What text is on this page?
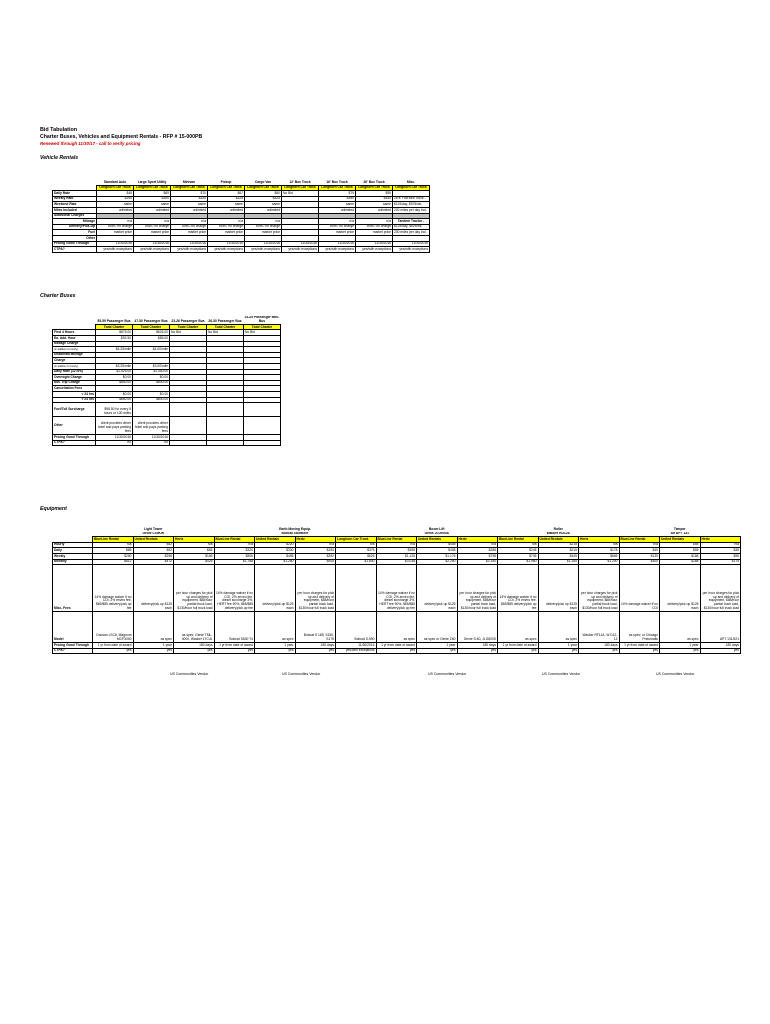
Bid Tabulation
Charter Buses, Vehicles and Equipment Rentals - RFP # 15-000PB
Renewed through 11/30/17 - call to verify pricing
Vehicle Rentals
	Standard Auto	Large Sport Utility	Minivan	Pickup	Cargo Van	12' Box Truck	16' Box Truck	26' Box Truck	Misc.
	Longhorn Car Truck	Longhorn Car Truck	Longhorn Car Truck	Longhorn Car Truck	Longhorn Car Truck	Longhorn Car Truck	Longhorn Car Truck	Longhorn Car Truck	Longhorn Car Truck
Daily Rate	$45	$69	$70	$67	$60	No Bid	$79	$95	
Weekly Rate	$250	$300	$320	$325	$325		$350	$450	28 ft. Flat Bed Truck -
Weekend Rate	same	same	same	same	same		same	same	$115/day, $575/wk,
Miles Included	unlimited	unlimited	unlimited	unlimited	unlimited		unlimited	unlimited	200 miles per day incl.
Additional Charges									
Mileage	n/a	n/a	n/a	n/a	n/a		n/a	n/a	Tandem Tractor -
Delivery/Pick-Up	both / no charge	both / no charge	both / no charge	both / no charge	both / no charge		both / no charge	both / no charge	$125/day, $625/wk,
Fuel	market price	market price	market price	market price	market price		market price	market price	200 miles per day incl.
Other									
Pricing Good Through	11/30/2016	11/30/2016	11/30/2016	11/30/2016	11/30/2016	11/30/2016	11/30/2016	11/30/2016	11/30/2016
CTPA?	yes/with exceptions	yes/with exceptions	yes/with exceptions	yes/with exceptions	yes/with exceptions	yes/with exceptions	yes/with exceptions	yes/with exceptions	yes/with exceptions
Charter Buses
	55-59 Passenger Bus	47-50 Passenger Bus	23-26 Passenger Bus	26-30 Passenger Bus	23-25 Passenger Mini-Bus
	Todd Charter	Todd Charter	Todd Charter	Todd Charter	Todd Charter
First 4 Hours	$675.00	$625.00	No Bid	No Bid	No Bid
Ea. Add. Hour	$92.50	$85.00			
Mileage Charge					
(in addition to hourly)	$4.25/mile	$4.00/mile			
Deadhead Mileage					
Charge					
(in addition to hourly)	$3.25/mile	$3.00/mile			
Daily Rate (12 hrs)	$1,425.00	$1,350.00			
Overnight Charge	$0.00	$0.00			
Min. Trip Charge	$850.00	$800.00			
Cancellation Fees					
< 24 hrs	$0.00	$0.00			
> 24 hrs	$850.00	$800.00			
Fuel/Toll Surcharge	$98.50 for every 5 hours or 100 miles				
Other	client provides driver hotel and pays parking fees	client provides driver hotel and pays parking fees			
Pricing Good Through	11/30/2016	11/30/2016			
CTPA?	no	no			
Equipment
	Light Tower			Earth Moving Equip.				Boom Lift			Roller			Tamper		
	Genie LS5KW			Bobcat Skidsteer				Genie JLG600A			Wacker RD12A			Air APT 131		
	BlueLine Rental	United Rentals	Hertz	BlueLine Rental	United Rentals	Hertz	Longhorn Car Truck	BlueLine Rental	United Rentals	Hertz	BlueLine Rental	United Rentals	Hertz	BlueLine Rental	United Rentals	Hertz
Hourly	n/a	$52	n/a	n/a	$220	n/a	n/a	n/a	$408	n/a	n/a	$215	n/a	n/a	$55	n/a
Daily	$85	$92	$65	$320	$330	$150	$375	$395	$408	$285	$245	$215	$178	$40	$55	$35
Weekly	$250	$296	$165	$805	$455	$392	$625	$1,125	$1,176	$798	$735	$445	$665	$135	$188	$95
Monthly	$612	$472	$425	$1,788	$1,280	$925	$1,800	$3,038	$2,250	$2,150	$1,980	$1,160	$1,200	$400	$288	$175
Misc. Fees	14% damage waiver if no COI, 2% enviro fee, $65/$85 delivery/pick up fee	delivery/pick up $125 each	per hour charges for pick up and delivery of equipment, $88/hour partial truck load, $130/hour full truck load	14% damage waiver if no COI, 2% enviro fee, diesel surcharge 3%, HERT fee 90%, $65/$85 delivery/pick up fee	delivery/pick up $125 each	per hour charges for pick up and delivery of equipment, $88/hour partial truck load, $130/hour full truck load		14% damage waiver if no COI, 2% enviro fee, diesel surcharge 3%, HERT fee 90%, $65/$85 delivery/pick up fee	delivery/pick up $125 each	per hour charges for pick up and delivery of equipment, $88/hour partial truck load, $130/hour full truck load	14% damage waiver if no COI, 2% enviro fee, $65/$85 delivery/pick up fee	delivery/pick up $125 each	per hour charges for pick up and delivery of equipment, $88/hour partial truck load, $130/hour full truck load	14% damage waiver if no COI	delivery/pick up $125 each	per hour charges for pick up and delivery of equipment, $88/hour partial truck load, $130/hour full truck load
Model	Doosan LSC8, Magnum MCP3000	as spec	as spec; Genie TML-4000, Wacker LTC4L	Bobcat S630 T4	as spec	Bobcat S 185, S150, S175	Bobcat S-590	as spec	as spec or Genie Z60	Genie S-60, JLG600S	as spec	as spec	Wacker RF11A, W D12-12	as spec; or Chicago Pneumatic	as spec	APT 131/521
Pricing Good Through	1 yr from date of award	1 year	180 days	1 yr from date of award	1 year	180 days	11/30/2016	1 yr from date of award	1 year	180 days	1 yr from date of award	1 year	180 days	1 yr from date of award	1 year	180 days
CTPA?	yes	yes	yes	yes	yes	yes	yes/with exceptions	yes	yes	yes	yes	yes	yes	yes	yes	yes
US Communities Vendor	US Communities Vendor	US Communities Vendor	US Communities Vendor	US Communities Vendor
